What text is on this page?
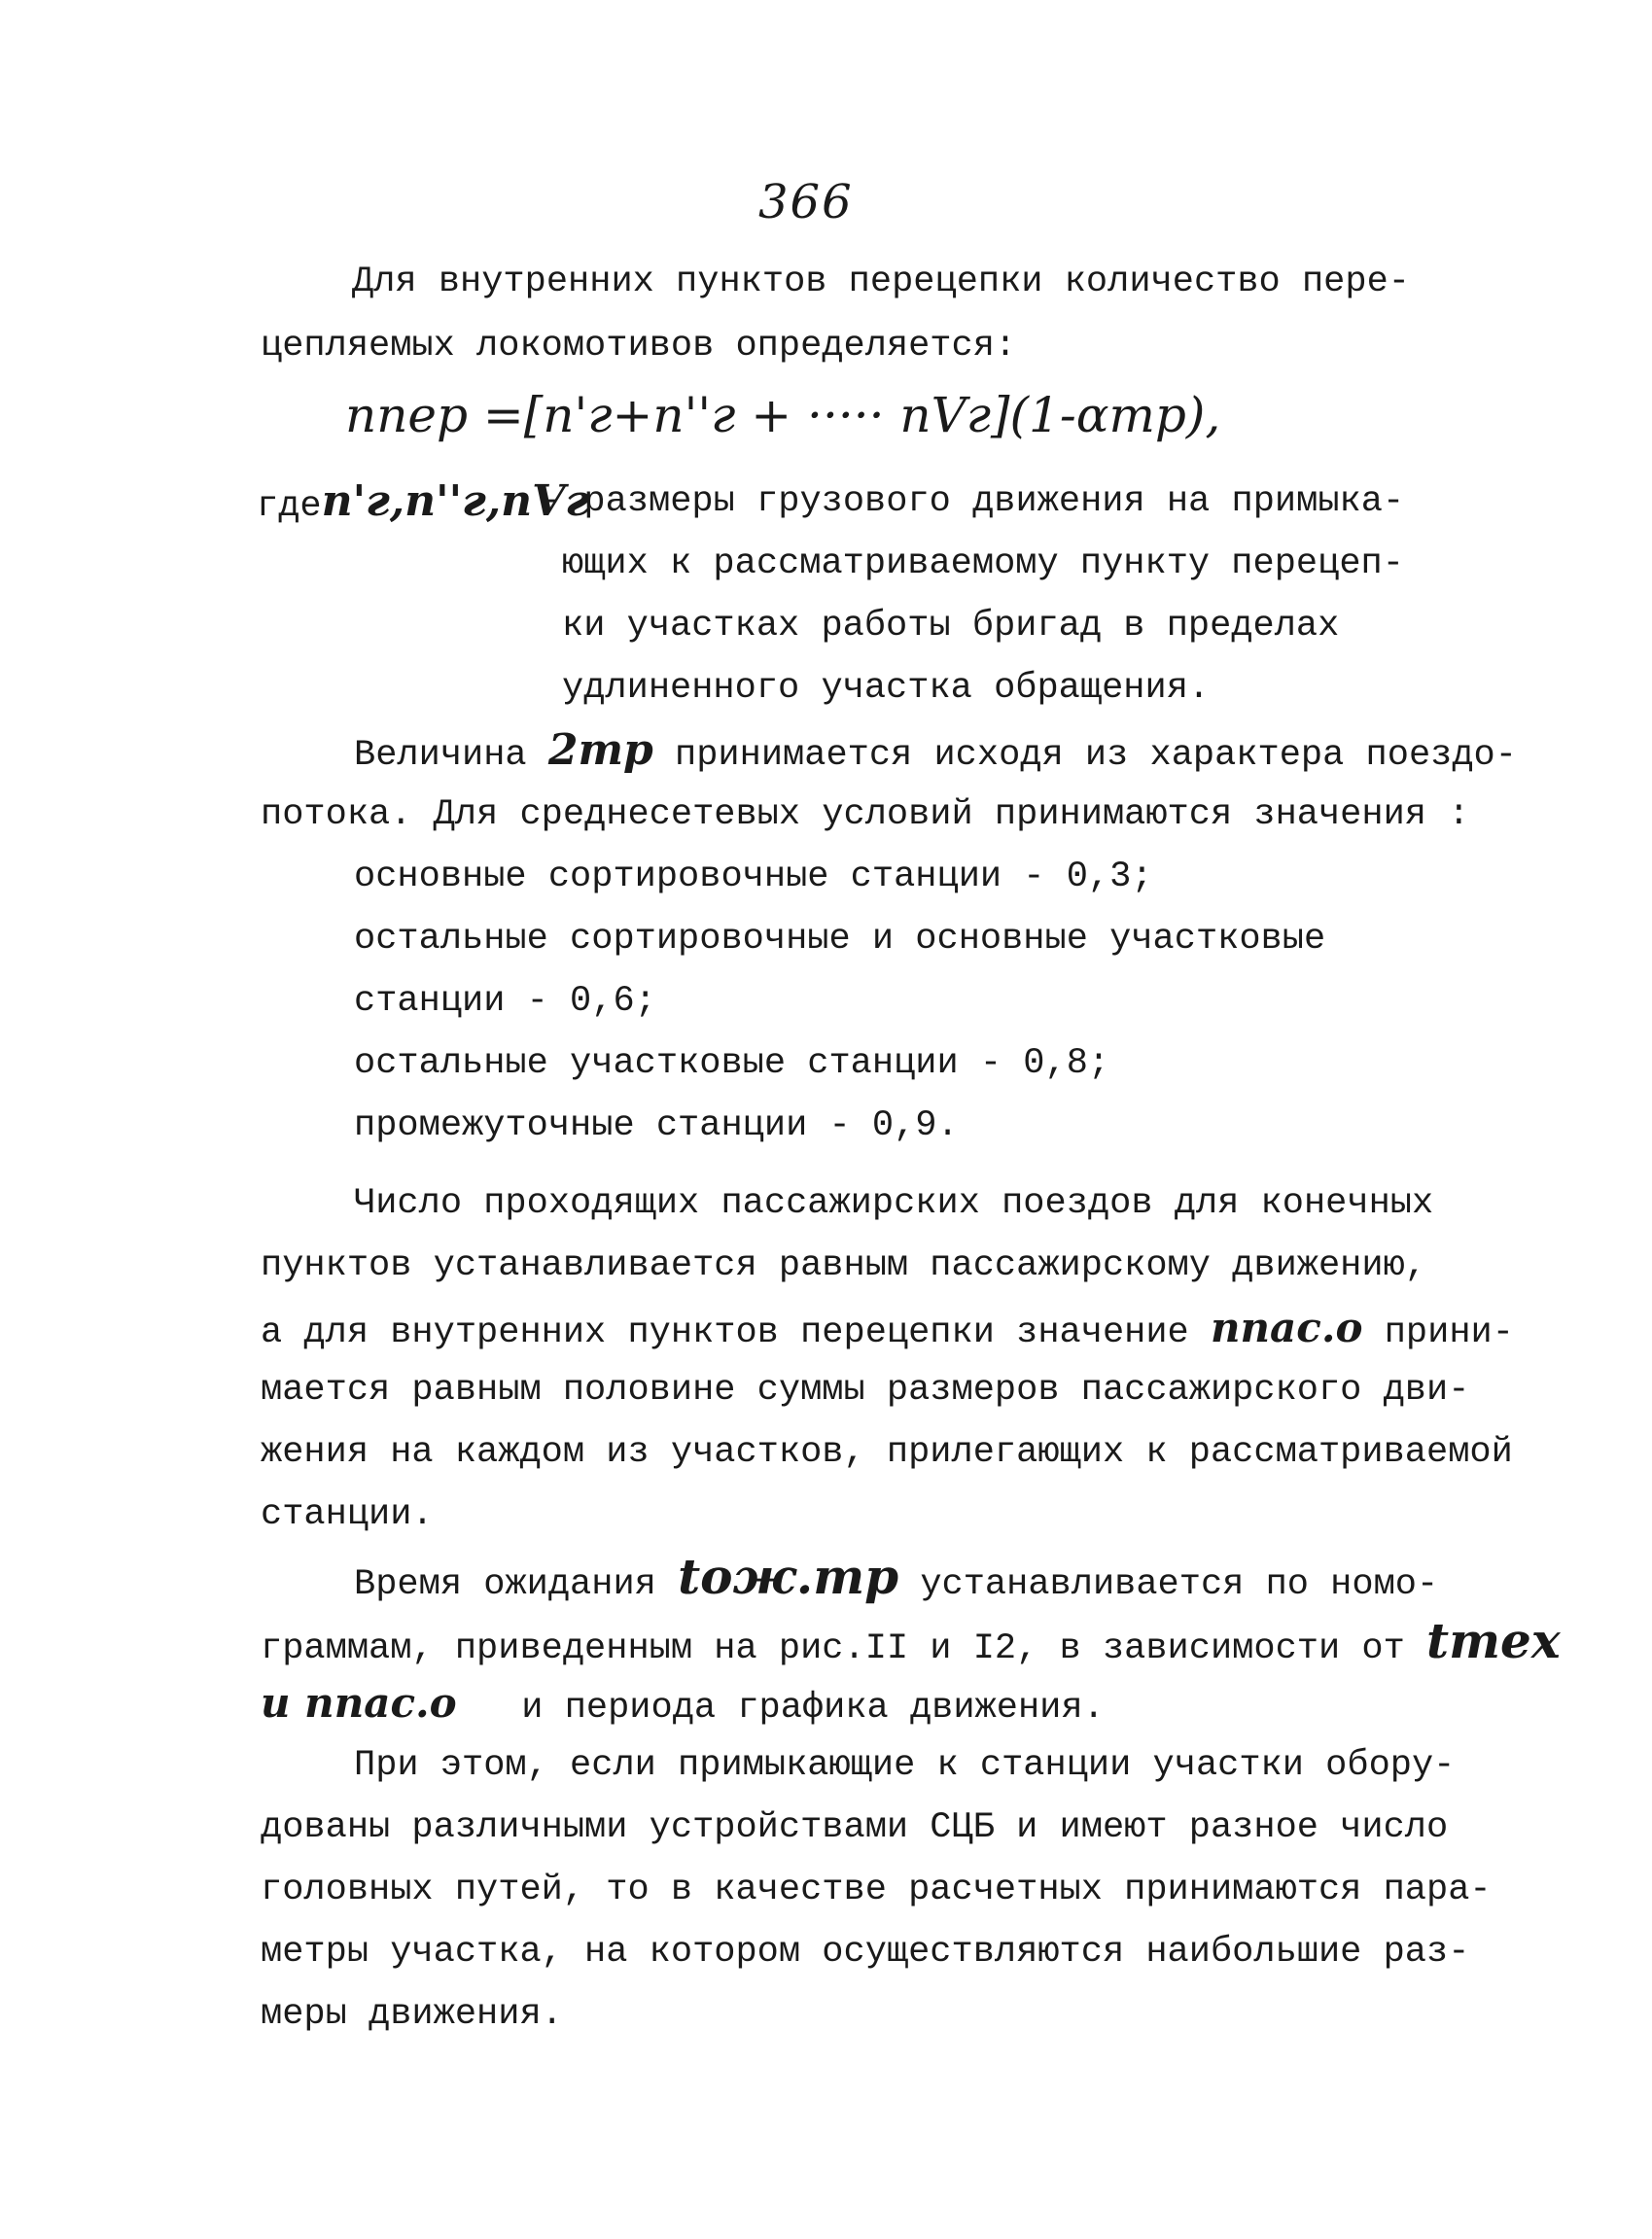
366
Для внутренних пунктов перецепки количество пере-
цепляемых локомотивов определяется:
nпер =[n'г+n''г + ····· nVг](1-αтр),
гдеn'г,n''г,nVг
- размеры грузового движения на примыка-
ющих к рассматриваемому пункту перецеп-
ки участках работы бригад в пределах
удлиненного участка обращения.
Величина 2тр принимается исходя из характера поездо-
потока. Для среднесетевых условий принимаются значения :
основные сортировочные станции - 0,3;
остальные сортировочные и основные участковые
станции - 0,6;
остальные участковые станции - 0,8;
промежуточные станции - 0,9.
Число проходящих пассажирских поездов для конечных
пунктов устанавливается равным пассажирскому движению,
а для внутренних пунктов перецепки значение nпас.о прини-
мается равным половине суммы размеров пассажирского дви-
жения на каждом из участков, прилегающих к рассматриваемой
станции.
Время ожидания tож.тр устанавливается по номо-
граммам, приведенным на рис.II и I2, в зависимости от tтех
и nпас.о и периода графика движения.
При этом, если примыкающие к станции участки обору-
дованы различными устройствами СЦБ и имеют разное число
головных путей, то в качестве расчетных принимаются пара-
метры участка, на котором осуществляются наибольшие раз-
меры движения.
